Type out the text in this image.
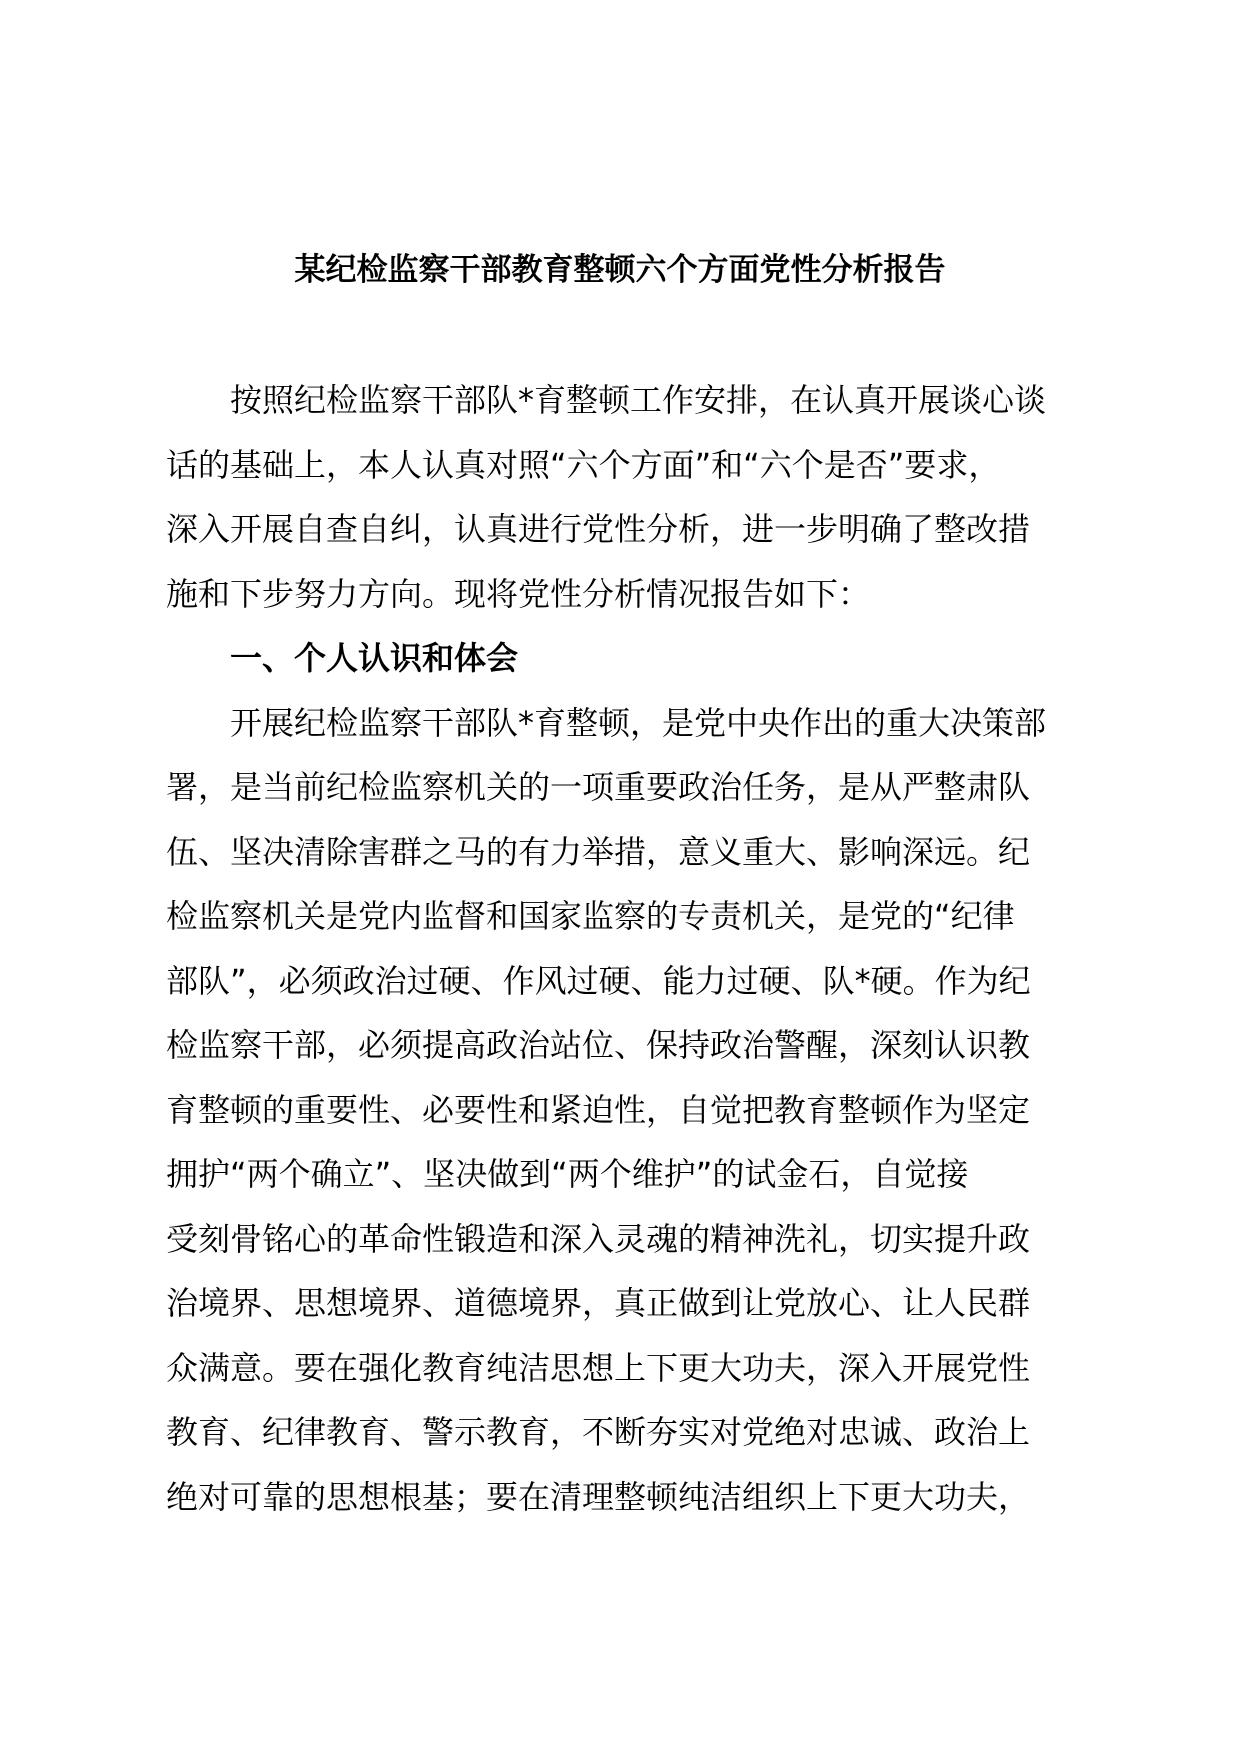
某纪检监察干部教育整顿六个方面党性分析报告
按照纪检监察干部队*育整顿工作安排，在认真开展谈心谈
话的基础上，本人认真对照“六个方面”和“六个是否”要求，
深入开展自查自纠，认真进行党性分析，进一步明确了整改措
施和下步努力方向。现将党性分析情况报告如下：
一、个人认识和体会
开展纪检监察干部队*育整顿，是党中央作出的重大决策部
署，是当前纪检监察机关的一项重要政治任务，是从严整肃队
伍、坚决清除害群之马的有力举措，意义重大、影响深远。纪
检监察机关是党内监督和国家监察的专责机关，是党的“纪律
部队”，必须政治过硬、作风过硬、能力过硬、队*硬。作为纪
检监察干部，必须提高政治站位、保持政治警醒，深刻认识教
育整顿的重要性、必要性和紧迫性，自觉把教育整顿作为坚定
拥护“两个确立”、坚决做到“两个维护”的试金石，自觉接
受刻骨铭心的革命性锻造和深入灵魂的精神洗礼，切实提升政
治境界、思想境界、道德境界，真正做到让党放心、让人民群
众满意。要在强化教育纯洁思想上下更大功夫，深入开展党性
教育、纪律教育、警示教育，不断夯实对党绝对忠诚、政治上
绝对可靠的思想根基；要在清理整顿纯洁组织上下更大功夫，
